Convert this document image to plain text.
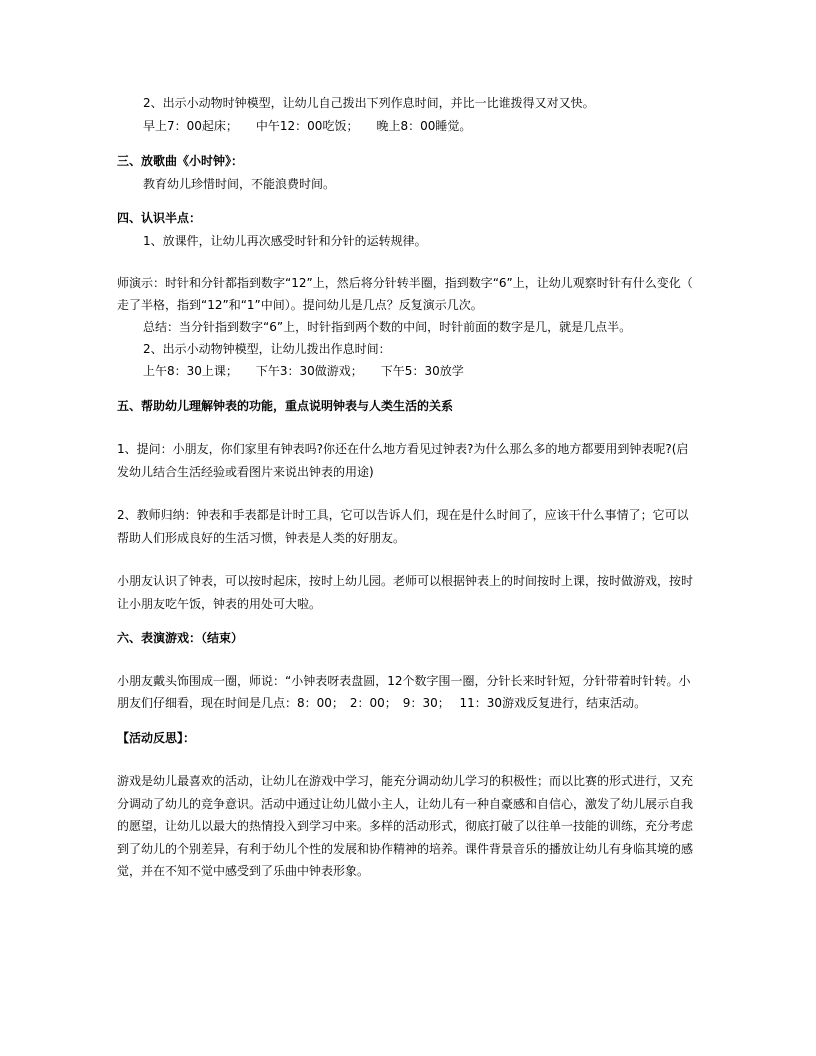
2、出示小动物时钟模型，让幼儿自己拨出下列作息时间，并比一比谁拨得又对又快。
早上7：00起床；　　中午12：00吃饭；　　晚上8：00睡觉。
三、放歌曲《小时钟》：
教育幼儿珍惜时间，不能浪费时间。
四、认识半点：
1、放课件，让幼儿再次感受时针和分针的运转规律。
师演示：时针和分针都指到数字“12”上，然后将分针转半圈，指到数字“6”上，让幼儿观察时针有什么变化（
走了半格，指到“12”和“1”中间）。提问幼儿是几点？反复演示几次。
总结：当分针指到数字“6”上，时针指到两个数的中间，时针前面的数字是几，就是几点半。
2、出示小动物钟模型，让幼儿拨出作息时间：
上午8：30上课；　　下午3：30做游戏；　　下午5：30放学
五、帮助幼儿理解钟表的功能，重点说明钟表与人类生活的关系
1、提问：小朋友，你们家里有钟表吗?你还在什么地方看见过钟表?为什么那么多的地方都要用到钟表呢?(启
发幼儿结合生活经验或看图片来说出钟表的用途)
2、教师归纳：钟表和手表都是计时工具，它可以告诉人们，现在是什么时间了，应该干什么事情了；它可以
帮助人们形成良好的生活习惯，钟表是人类的好朋友。
小朋友认识了钟表，可以按时起床，按时上幼儿园。老师可以根据钟表上的时间按时上课，按时做游戏，按时
让小朋友吃午饭，钟表的用处可大啦。
六、表演游戏：（结束）
小朋友戴头饰围成一圈，师说：“小钟表呀表盘圆，12个数字围一圈，分针长来时针短，分针带着时针转。小
朋友们仔细看，现在时间是几点：8：00；　2：00；　9：30；　 11：30游戏反复进行，结束活动。
【活动反思】：
游戏是幼儿最喜欢的活动，让幼儿在游戏中学习，能充分调动幼儿学习的积极性；而以比赛的形式进行，又充
分调动了幼儿的竞争意识。活动中通过让幼儿做小主人，让幼儿有一种自豪感和自信心，激发了幼儿展示自我
的愿望，让幼儿以最大的热情投入到学习中来。多样的活动形式，彻底打破了以往单一技能的训练，充分考虑
到了幼儿的个别差异，有利于幼儿个性的发展和协作精神的培养。课件背景音乐的播放让幼儿有身临其境的感
觉，并在不知不觉中感受到了乐曲中钟表形象。
